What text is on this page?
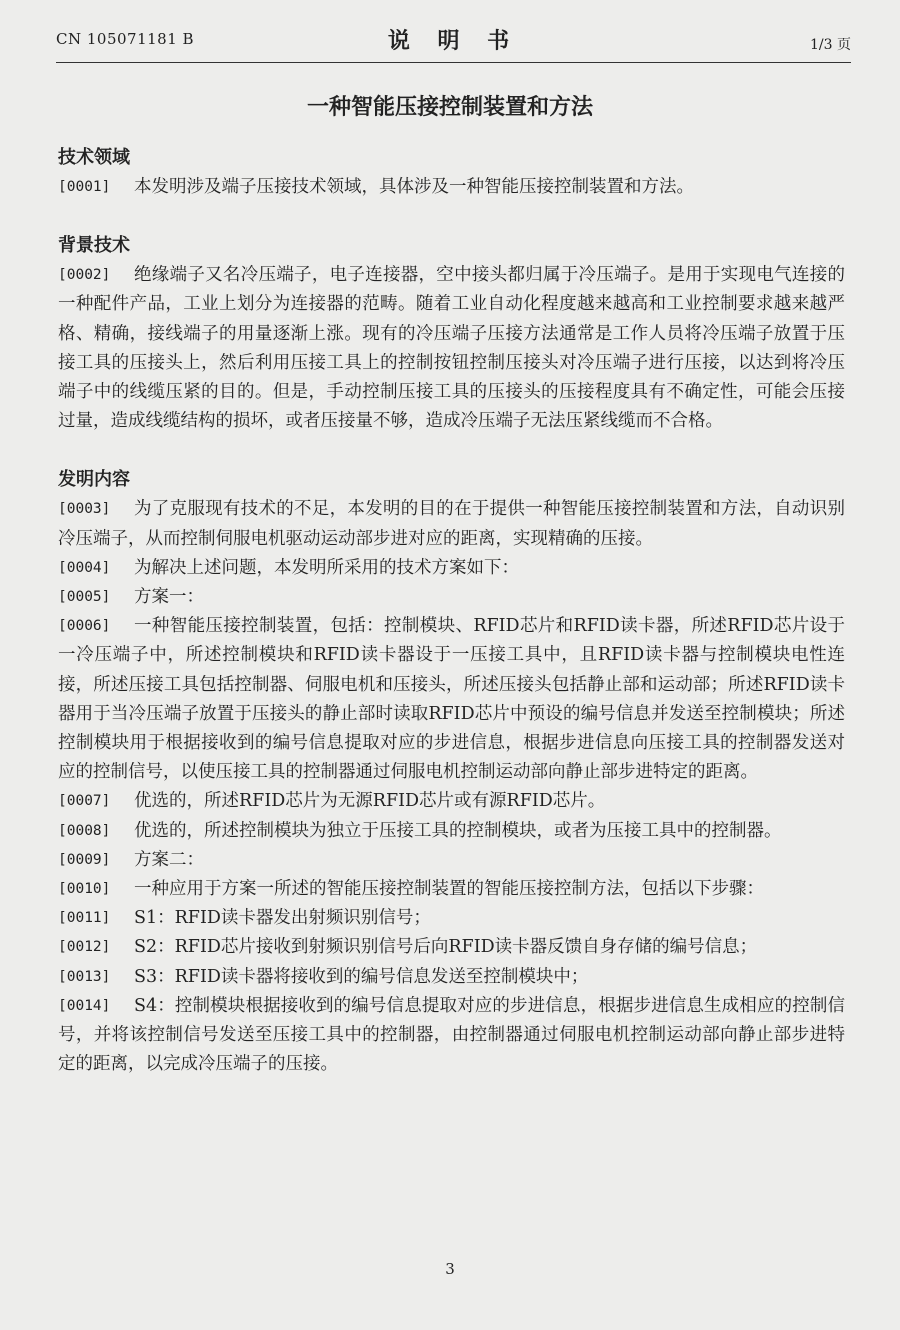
CN 105071181 B	说 明 书	1/3 页
一种智能压接控制装置和方法
技术领域
[0001]	本发明涉及端子压接技术领域，具体涉及一种智能压接控制装置和方法。
背景技术
[0002]	绝缘端子又名冷压端子，电子连接器，空中接头都归属于冷压端子。是用于实现电气连接的一种配件产品，工业上划分为连接器的范畴。随着工业自动化程度越来越高和工业控制要求越来越严格、精确，接线端子的用量逐渐上涨。现有的冷压端子压接方法通常是工作人员将冷压端子放置于压接工具的压接头上，然后利用压接工具上的控制按钮控制压接头对冷压端子进行压接，以达到将冷压端子中的线缆压紧的目的。但是，手动控制压接工具的压接头的压接程度具有不确定性，可能会压接过量，造成线缆结构的损坏，或者压接量不够，造成冷压端子无法压紧线缆而不合格。
发明内容
[0003]	为了克服现有技术的不足，本发明的目的在于提供一种智能压接控制装置和方法，自动识别冷压端子，从而控制伺服电机驱动运动部步进对应的距离，实现精确的压接。
[0004]	为解决上述问题，本发明所采用的技术方案如下：
[0005]	方案一：
[0006]	一种智能压接控制装置，包括：控制模块、RFID芯片和RFID读卡器，所述RFID芯片设于一冷压端子中，所述控制模块和RFID读卡器设于一压接工具中，且RFID读卡器与控制模块电性连接，所述压接工具包括控制器、伺服电机和压接头，所述压接头包括静止部和运动部；所述RFID读卡器用于当冷压端子放置于压接头的静止部时读取RFID芯片中预设的编号信息并发送至控制模块；所述控制模块用于根据接收到的编号信息提取对应的步进信息，根据步进信息向压接工具的控制器发送对应的控制信号，以使压接工具的控制器通过伺服电机控制运动部向静止部步进特定的距离。
[0007]	优选的，所述RFID芯片为无源RFID芯片或有源RFID芯片。
[0008]	优选的，所述控制模块为独立于压接工具的控制模块，或者为压接工具中的控制器。
[0009]	方案二：
[0010]	一种应用于方案一所述的智能压接控制装置的智能压接控制方法，包括以下步骤：
[0011]	S1：RFID读卡器发出射频识别信号；
[0012]	S2：RFID芯片接收到射频识别信号后向RFID读卡器反馈自身存储的编号信息；
[0013]	S3：RFID读卡器将接收到的编号信息发送至控制模块中；
[0014]	S4：控制模块根据接收到的编号信息提取对应的步进信息，根据步进信息生成相应的控制信号，并将该控制信号发送至压接工具中的控制器，由控制器通过伺服电机控制运动部向静止部步进特定的距离，以完成冷压端子的压接。
3
